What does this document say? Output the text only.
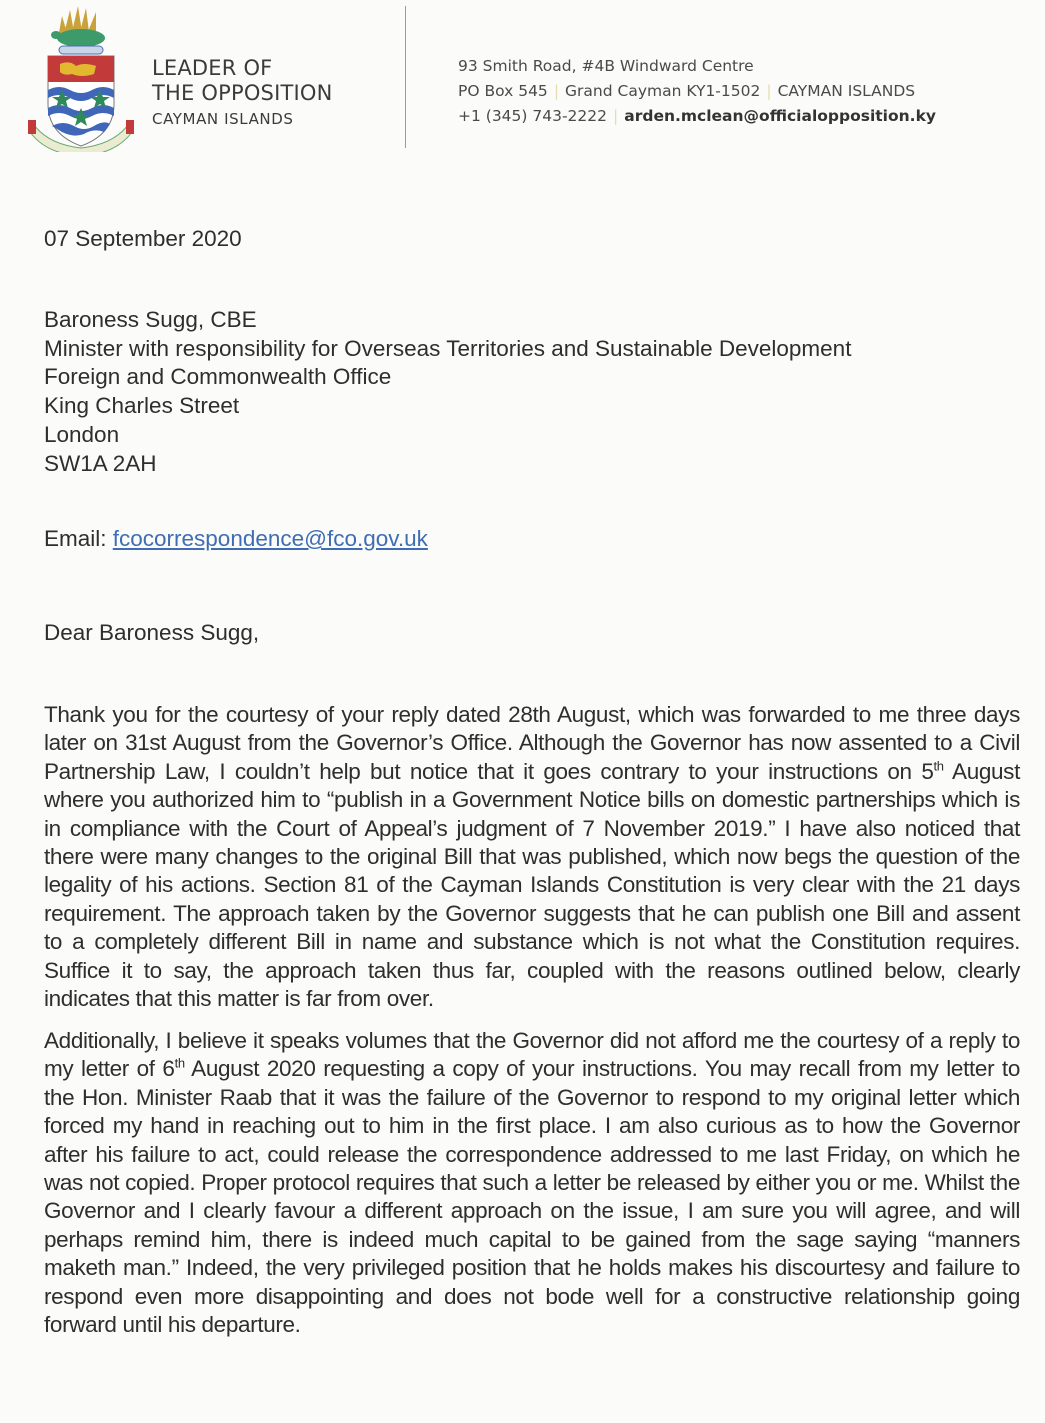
LEADER OF
THE OPPOSITION
CAYMAN ISLANDS
93 Smith Road, #4B Windward Centre
PO Box 545 | Grand Cayman KY1-1502 | CAYMAN ISLANDS
+1 (345) 743-2222 | arden.mclean@officialopposition.ky
07 September 2020
Baroness Sugg, CBE
Minister with responsibility for Overseas Territories and Sustainable Development
Foreign and Commonwealth Office
King Charles Street
London
SW1A 2AH
Email: fcocorrespondence@fco.gov.uk
Dear Baroness Sugg,

Thank you for the courtesy of your reply dated 28th August, which was forwarded to me three days later on 31st August from the Governor’s Office. Although the Governor has now assented to a Civil Partnership Law, I couldn’t help but notice that it goes contrary to your instructions on 5th August where you authorized him to “publish in a Government Notice bills on domestic partnerships which is in compliance with the Court of Appeal’s judgment of 7 November 2019.” I have also noticed that there were many changes to the original Bill that was published, which now begs the question of the legality of his actions. Section 81 of the Cayman Islands Constitution is very clear with the 21 days requirement. The approach taken by the Governor suggests that he can publish one Bill and assent to a completely different Bill in name and substance which is not what the Constitution requires. Suffice it to say, the approach taken thus far, coupled with the reasons outlined below, clearly indicates that this matter is far from over.

Additionally, I believe it speaks volumes that the Governor did not afford me the courtesy of a reply to my letter of 6th August 2020 requesting a copy of your instructions. You may recall from my letter to the Hon. Minister Raab that it was the failure of the Governor to respond to my original letter which forced my hand in reaching out to him in the first place. I am also curious as to how the Governor after his failure to act, could release the correspondence addressed to me last Friday, on which he was not copied. Proper protocol requires that such a letter be released by either you or me. Whilst the Governor and I clearly favour a different approach on the issue, I am sure you will agree, and will perhaps remind him, there is indeed much capital to be gained from the sage saying “manners maketh man.” Indeed, the very privileged position that he holds makes his discourtesy and failure to respond even more disappointing and does not bode well for a constructive relationship going forward until his departure.
